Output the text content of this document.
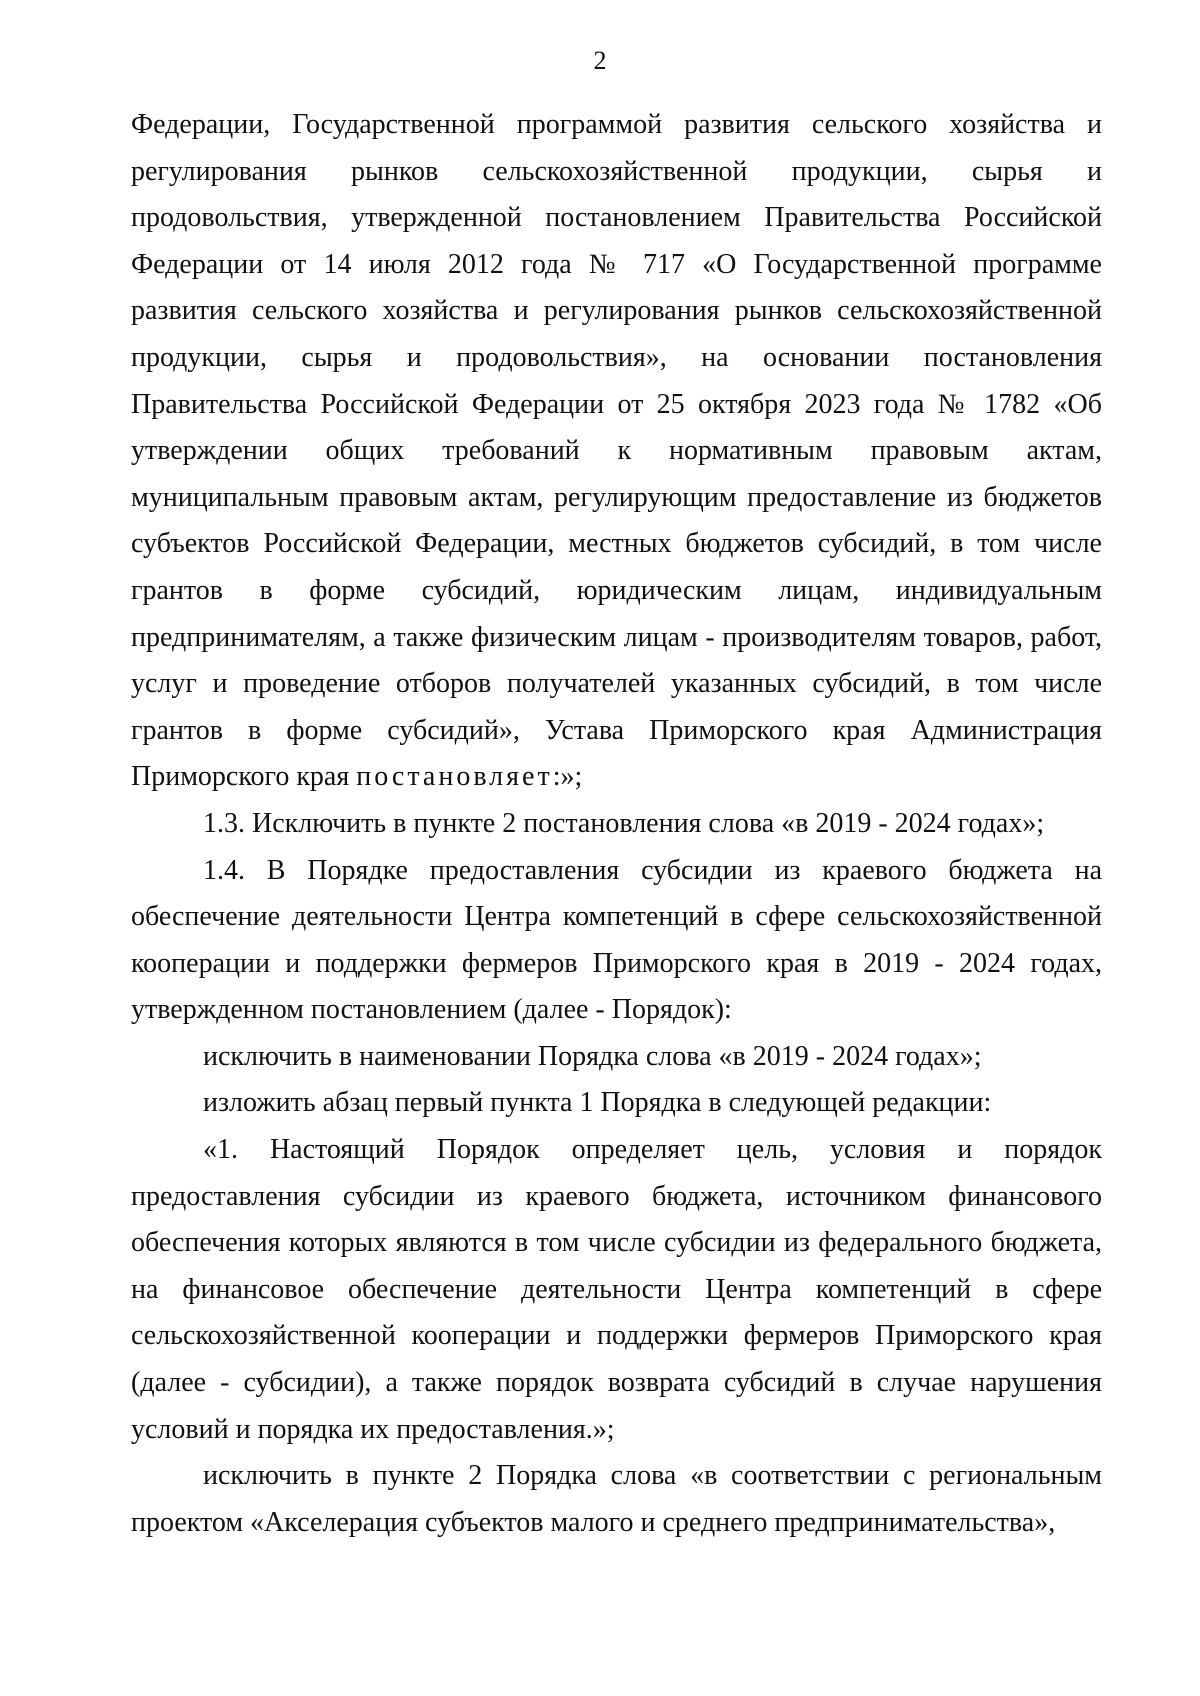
2

Федерации, Государственной программой развития сельского хозяйства и регулирования рынков сельскохозяйственной продукции, сырья и продовольствия, утвержденной постановлением Правительства Российской Федерации от 14 июля 2012 года № 717 «О Государственной программе развития сельского хозяйства и регулирования рынков сельскохозяйственной продукции, сырья и продовольствия», на основании постановления Правительства Российской Федерации от 25 октября 2023 года № 1782 «Об утверждении общих требований к нормативным правовым актам, муниципальным правовым актам, регулирующим предоставление из бюджетов субъектов Российской Федерации, местных бюджетов субсидий, в том числе грантов в форме субсидий, юридическим лицам, индивидуальным предпринимателям, а также физическим лицам - производителям товаров, работ, услуг и проведение отборов получателей указанных субсидий, в том числе грантов в форме субсидий», Устава Приморского края Администрация Приморского края постановляет:»;

1.3. Исключить в пункте 2 постановления слова «в 2019 - 2024 годах»;

1.4. В Порядке предоставления субсидии из краевого бюджета на обеспечение деятельности Центра компетенций в сфере сельскохозяйственной кооперации и поддержки фермеров Приморского края в 2019 - 2024 годах, утвержденном постановлением (далее - Порядок):

исключить в наименовании Порядка слова «в 2019 - 2024 годах»;

изложить абзац первый пункта 1 Порядка в следующей редакции:

«1. Настоящий Порядок определяет цель, условия и порядок предоставления субсидии из краевого бюджета, источником финансового обеспечения которых являются в том числе субсидии из федерального бюджета, на финансовое обеспечение деятельности Центра компетенций в сфере сельскохозяйственной кооперации и поддержки фермеров Приморского края (далее - субсидии), а также порядок возврата субсидий в случае нарушения условий и порядка их предоставления.»;

исключить в пункте 2 Порядка слова «в соответствии с региональным проектом «Акселерация субъектов малого и среднего предпринимательства»,
